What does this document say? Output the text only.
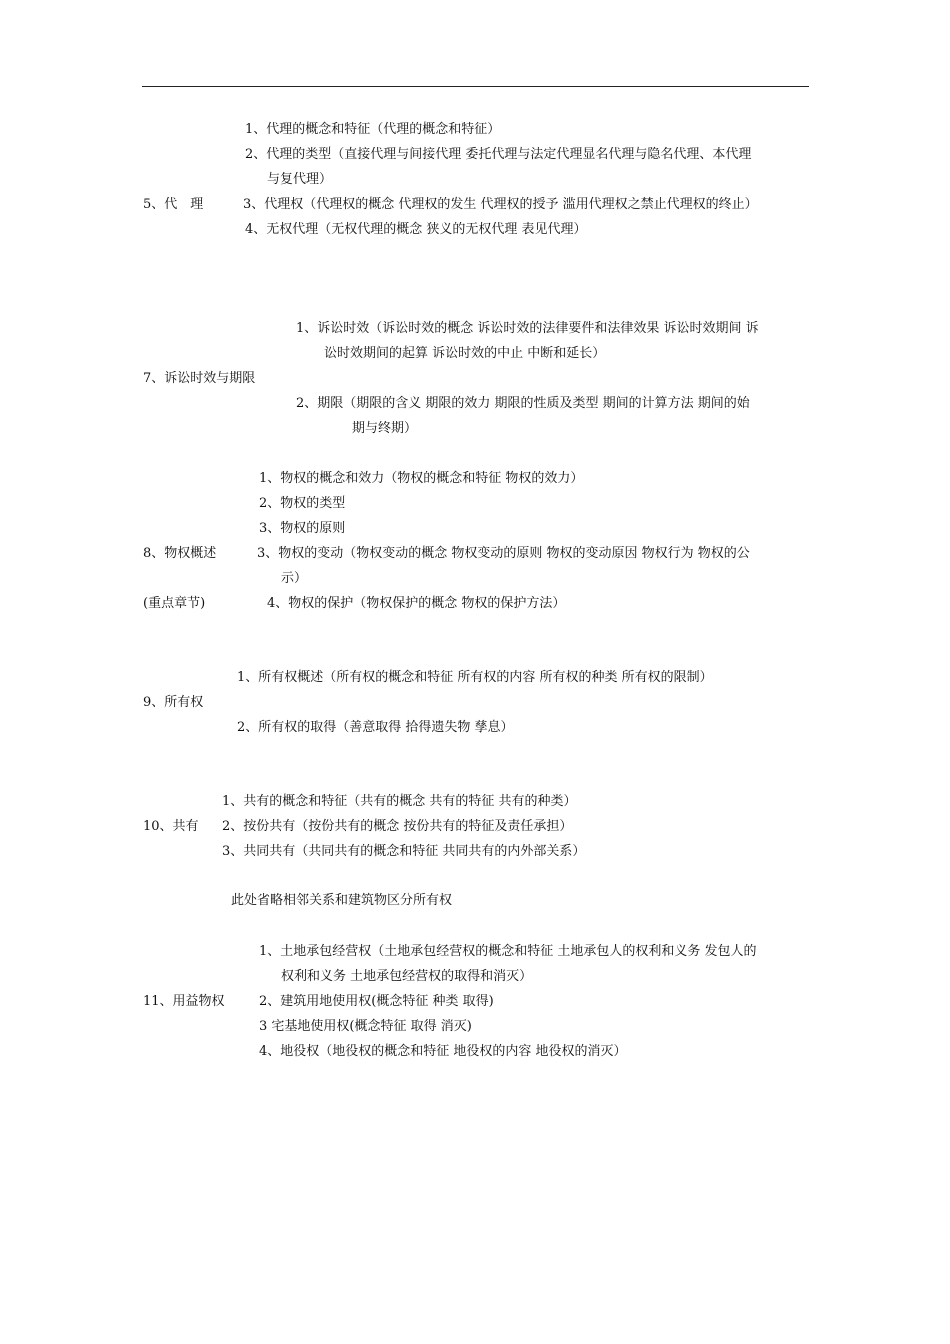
1、代理的概念和特征（代理的概念和特征）
2、代理的类型（直接代理与间接代理 委托代理与法定代理显名代理与隐名代理、本代理
与复代理）
5、代　理	3、代理权（代理权的概念 代理权的发生 代理权的授予 滥用代理权之禁止代理权的终止）
4、无权代理（无权代理的概念 狭义的无权代理 表见代理）
1、诉讼时效（诉讼时效的概念 诉讼时效的法律要件和法律效果 诉讼时效期间 诉
讼时效期间的起算 诉讼时效的中止 中断和延长）
7、诉讼时效与期限
2、期限（期限的含义 期限的效力 期限的性质及类型 期间的计算方法 期间的始
期与终期）
1、物权的概念和效力（物权的概念和特征 物权的效力）
2、物权的类型
3、物权的原则
8、物权概述	3、物权的变动（物权变动的概念 物权变动的原则 物权的变动原因 物权行为 物权的公
示）
(重点章节)	4、物权的保护（物权保护的概念 物权的保护方法）
1、所有权概述（所有权的概念和特征 所有权的内容 所有权的种类 所有权的限制）
9、所有权
2、所有权的取得（善意取得 拾得遗失物 孳息）
1、共有的概念和特征（共有的概念 共有的特征 共有的种类）
10、共有 2、按份共有（按份共有的概念 按份共有的特征及责任承担）
3、共同共有（共同共有的概念和特征 共同共有的内外部关系）
此处省略相邻关系和建筑物区分所有权
1、土地承包经营权（土地承包经营权的概念和特征 土地承包人的权利和义务 发包人的
权利和义务 土地承包经营权的取得和消灭）
11、用益物权	2、建筑用地使用权(概念特征 种类 取得)
3 宅基地使用权(概念特征 取得 消灭)
4、地役权（地役权的概念和特征 地役权的内容 地役权的消灭）
